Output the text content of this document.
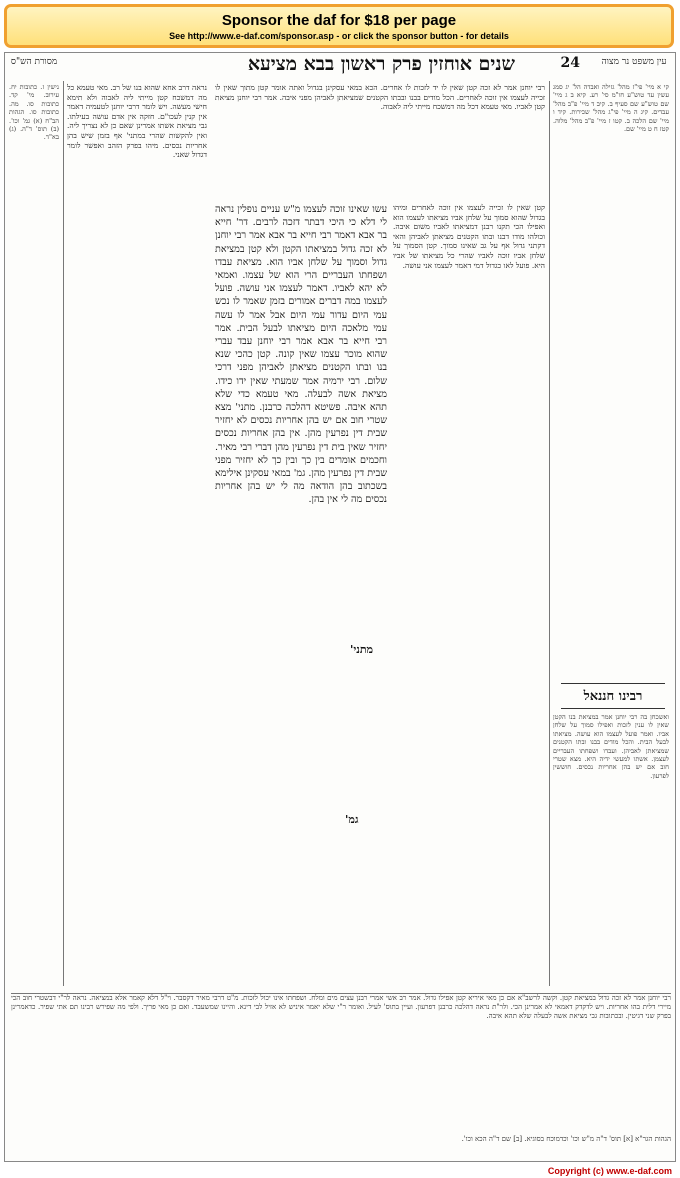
Sponsor the daf for $18 per page
See http://www.e-daf.com/sponsor.asp - or click the sponsor button - for details
מסורת הש"ס	שנים אוחזין פרק ראשון בבא מציעא	24 עין משפט נר מצוה
נישין ז. כתובות יח. עירוב. מי' קד. כתובות סו. מה. כתובות סו. הגהות הב"ח (א) גמ' וכו'. (ב) תוס' ד"ה. (ג) בא"ד.
נראה דרב אחא שהוא בנו של רב. מאי טעמא כל מה דמשכח קטן מייתי ליה לאבוה ולא תימא חישי מעשה. ויש לומר דרבי יוחנן לטעמיה דאמר אין קנין לעכו"ם. חזקה אין אדם עושה בעילתו. גבי מציאת אשתו אמרינן שאם כן לא נצריך ליה. ואין להקשות שהרי במתני' אף בזמן שיש בהן אחריות נכסים. מיהו בפרק הזהב ואפשר לומר דגדול שאני.
עשו שאינו זוכה לעצמו מ"ש עניים נופלין נראה לי דלא כי היכי דבתר דזכה לרבים. דר' חייא בר אבא דאמר רבי חייא בר אבא אמר רבי יוחנן לא זכה גדול במציאתו הקטן ולא קטן במציאת גדול וסמוך על שלחן אביו הוא. מציאת עבדו ושפחתו העבריים הרי הוא של עצמו. ואמאי לא יהא לאביו. דאמר לעצמו אני עושה. פועל לעצמו במה דברים אמורים בזמן שאמר לו נכש עמי היום עדור עמי היום אבל אמר לו עשה עמי מלאכה היום מציאתו לבעל הבית. אמר רבי חייא בר אבא אמר רבי יוחנן עבד עברי שהוא מוכר עצמו שאין קונה. קטן כהכי שנא בנו ובתו הקטנים מציאתן לאביהן מפני דרכי שלום. רבי ירמיה אמר שמעתי שאין ידו כידו. מציאת אשה לבעלה. מאי טעמא כדי שלא תהא איבה. פשיטא דהלכה כרבנן. מתני' מצא שטרי חוב אם יש בהן אחריות נכסים לא יחזיר שבית דין נפרעין מהן. אין בהן אחריות נכסים יחזיר שאין בית דין נפרעין מהן דברי רבי מאיר. וחכמים אומרים בין כך ובין כך לא יחזיר מפני שבית דין נפרעין מהן. גמ' במאי עסקינן אילימא בשכתוב בהן הודאה מה לי יש בהן אחריות נכסים מה לי אין בהן.
מתני'
גמ'
רבי יוחנן אמר לא זכה קטן שאין לו יד לזכות לו אחרים. הכא במאי עסקינן בגדול ואתה אומר קטן מתוך שאין לו זכייה לעצמו אין זוכה לאחרים. הכל מודים בבנו ובבתו הקטנים שמציאתן לאביהן מפני איבה. אמר רבי יוחנן מציאת קטן לאביו. מאי טעמא דכל מה דמשכח מייתי ליה לאבוה.
קטן שאין לו זכייה לעצמו אין זוכה לאחרים ומיהו בגדול שהוא סמוך על שלחן אביו מציאתו לעצמו הוא ואפילו הכי תקנו רבנן דמציאתו לאביו משום איבה. וכולהו מודו דבנו ובתו הקטנים מציאתן לאביהן והאי דקתני גדול אף על גב שאינו סמוך. קטן הסמוך על שלחן אביו זוכה לאביו שהרי כל מציאתו של אביו היא. פועל לאו כגדול דמי דאמר לעצמו אני עושה.
קי א מיי' פי"ז מהל' גזילה ואבדה הל' יג סמג עשין עד טוש"ע חו"מ סי' רע. קיא ב ג מיי' שם טוש"ע שם סעיף ב. קיב ד מיי' פ"ב מהל' עבדים. קיג ה מיי' פי"ג מהל' שכירות. קיד ו מיי' שם הלכה ב. קטו ז מיי' פ"ב מהל' מלוה. קטז ח ט מיי' שם.
רבינו חננאל
ואשכחן בה רבי יוחנן אמר במציאת בנו הקטן שאין לו ענין לזכות ואפילו סמוך על שלחן אביו. ואמר פועל לעצמו הוא עושה. מציאתו לבעל הבית. והכל מודים בבנו ובתו הקטנים שמציאתן לאביהן. ועבדו ושפחתו העבריים לעצמן. אשתו למעשי ידיה היא. מצא שטרי חוב אם יש בהן אחריות נכסים. חוששין לפרעון.
רבי יוחנן אמר לא זכה גדול במציאת קטן. וקשה לרשב"א אם כן מאי איריא קטן אפילו גדול. אמר רב אשי אמרי רבנן עצים מים ומלח. ושפחתו אינו יכול לזכות. מ"ט דרבי מאיר דקסבר. וי"ל דלא קאמר אלא במציאה. נראה לר"י דבשטרי חוב הכי מיירי דלית בהו אחריות. ויש לדקדק דאמאי לא אמרינן הכי. ולר"ת נראה דהלכה כרבנן דפרעון. ועיין בתוס' לעיל. ואומר ר"י שלא יאמר איניש לא אזיל לבי דינא. והיינו שמשעבד. ואם כן מאי פריך. ולפי מה שפירש רבינו תם אתי שפיר. כדאמרינן בפרק שני דגיטין. ובכתובות גבי מציאת אשה לבעלה שלא תהא איבה.
הגהות הגר"א [א] תוס' ד"ה מ"ש וכו' וכדמוכח בסוגיא. [ב] שם ד"ה הכא וכו'.
Copyright (c) www.e-daf.com
